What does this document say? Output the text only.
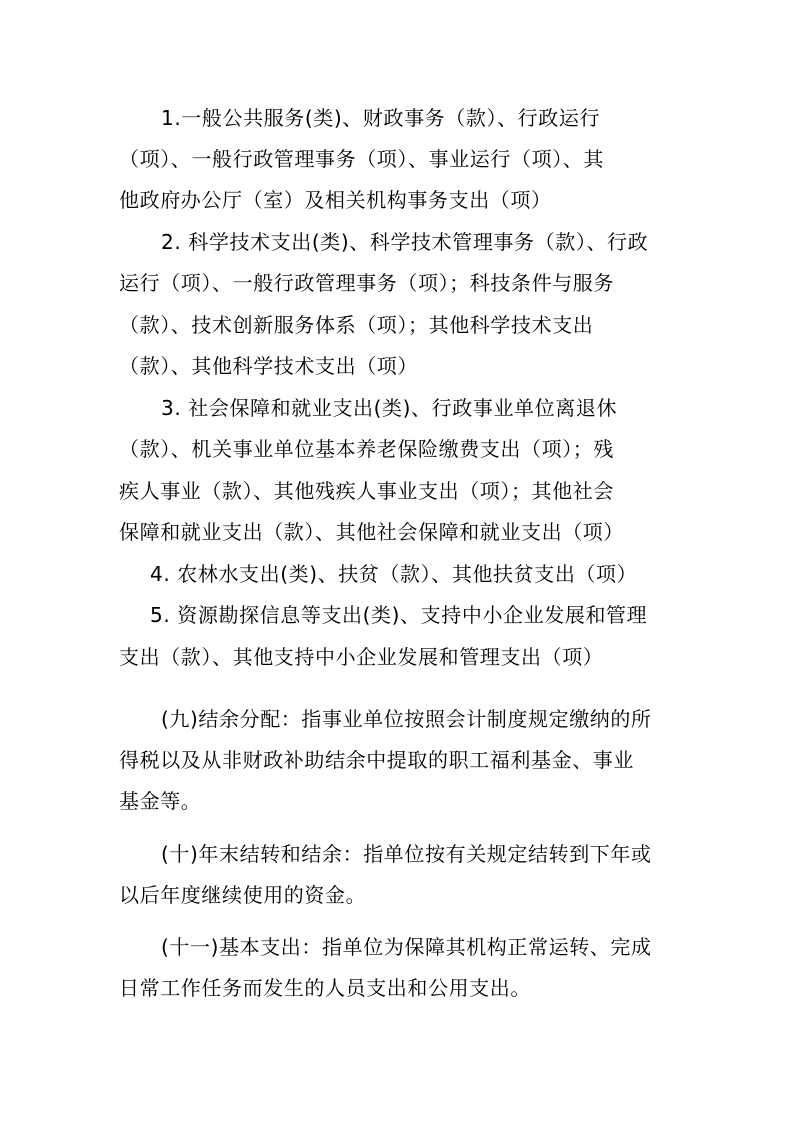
1.一般公共服务(类)、财政事务（款）、行政运行

（项）、一般行政管理事务（项）、事业运行（项）、其

他政府办公厅（室）及相关机构事务支出（项）

2. 科学技术支出(类)、科学技术管理事务（款）、行政

运行（项）、一般行政管理事务（项）；科技条件与服务

（款）、技术创新服务体系（项）；其他科学技术支出

（款）、其他科学技术支出（项）

3. 社会保障和就业支出(类)、行政事业单位离退休

（款）、机关事业单位基本养老保险缴费支出（项）；残

疾人事业（款）、其他残疾人事业支出（项）；其他社会

保障和就业支出（款）、其他社会保障和就业支出（项）

4. 农林水支出(类)、扶贫（款）、其他扶贫支出（项）

5. 资源勘探信息等支出(类)、支持中小企业发展和管理

支出（款）、其他支持中小企业发展和管理支出（项）

(九)结余分配：指事业单位按照会计制度规定缴纳的所

得税以及从非财政补助结余中提取的职工福利基金、事业

基金等。

(十)年末结转和结余：指单位按有关规定结转到下年或

以后年度继续使用的资金。

(十一)基本支出：指单位为保障其机构正常运转、完成

日常工作任务而发生的人员支出和公用支出。
